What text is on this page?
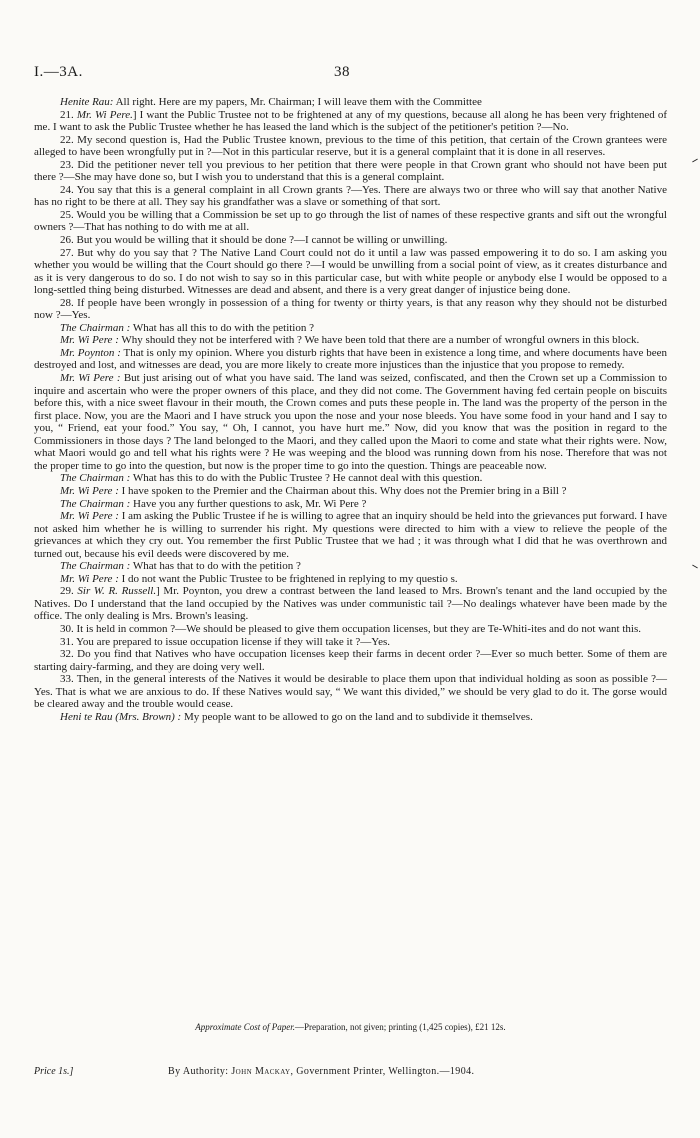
I.—3A.	38

Henite Rau: All right. Here are my papers, Mr. Chairman; I will leave them with the Committee

21. Mr. Wi Pere.] I want the Public Trustee not to be frightened at any of my questions, because all along he has been very frightened of me. I want to ask the Public Trustee whether he has leased the land which is the subject of the petitioner's petition ?—No.

22. My second question is, Had the Public Trustee known, previous to the time of this petition, that certain of the Crown grantees were alleged to have been wrongfully put in ?—Not in this particular reserve, but it is a general complaint that it is done in all reserves.

23. Did the petitioner never tell you previous to her petition that there were people in that Crown grant who should not have been put there ?—She may have done so, but I wish you to understand that this is a general complaint.

24. You say that this is a general complaint in all Crown grants ?—Yes. There are always two or three who will say that another Native has no right to be there at all. They say his grandfather was a slave or something of that sort.

25. Would you be willing that a Commission be set up to go through the list of names of these respective grants and sift out the wrongful owners ?—That has nothing to do with me at all.

26. But you would be willing that it should be done ?—I cannot be willing or unwilling.

27. But why do you say that ? The Native Land Court could not do it until a law was passed empowering it to do so. I am asking you whether you would be willing that the Court should go there ?—I would be unwilling from a social point of view, as it creates disturbance and as it is very dangerous to do so. I do not wish to say so in this particular case, but with white people or anybody else I would be opposed to a long-settled thing being disturbed. Witnesses are dead and absent, and there is a very great danger of injustice being done.

28. If people have been wrongly in possession of a thing for twenty or thirty years, is that any reason why they should not be disturbed now ?—Yes.

The Chairman : What has all this to do with the petition ?

Mr. Wi Pere : Why should they not be interfered with ? We have been told that there are a number of wrongful owners in this block.

Mr. Poynton : That is only my opinion. Where you disturb rights that have been in existence a long time, and where documents have been destroyed and lost, and witnesses are dead, you are more likely to create more injustices than the injustice that you propose to remedy.

Mr. Wi Pere : But just arising out of what you have said. The land was seized, confiscated, and then the Crown set up a Commission to inquire and ascertain who were the proper owners of this place, and they did not come. The Government having fed certain people on biscuits before this, with a nice sweet flavour in their mouth, the Crown comes and puts these people in. The land was the property of the person in the first place. Now, you are the Maori and I have struck you upon the nose and your nose bleeds. You have some food in your hand and I say to you, “ Friend, eat your food.” You say, “ Oh, I cannot, you have hurt me.” Now, did you know that was the position in regard to the Commissioners in those days ? The land belonged to the Maori, and they called upon the Maori to come and state what their rights were. Now, what Maori would go and tell what his rights were ? He was weeping and the blood was running down from his nose. Therefore that was not the proper time to go into the question, but now is the proper time to go into the question. Things are peaceable now.

The Chairman : What has this to do with the Public Trustee ? He cannot deal with this question.

Mr. Wi Pere : I have spoken to the Premier and the Chairman about this. Why does not the Premier bring in a Bill ?

The Chairman : Have you any further questions to ask, Mr. Wi Pere ?

Mr. Wi Pere : I am asking the Public Trustee if he is willing to agree that an inquiry should be held into the grievances put forward. I have not asked him whether he is willing to surrender his right. My questions were directed to him with a view to relieve the people of the grievances at which they cry out. You remember the first Public Trustee that we had ; it was through what I did that he was overthrown and turned out, because his evil deeds were discovered by me.

The Chairman : What has that to do with the petition ?

Mr. Wi Pere : I do not want the Public Trustee to be frightened in replying to my questio s.

29. Sir W. R. Russell.] Mr. Poynton, you drew a contrast between the land leased to Mrs. Brown's tenant and the land occupied by the Natives. Do I understand that the land occupied by the Natives was under communistic tail ?—No dealings whatever have been made by the office. The only dealing is Mrs. Brown's leasing.

30. It is held in common ?—We should be pleased to give them occupation licenses, but they are Te-Whiti-ites and do not want this.

31. You are prepared to issue occupation license if they will take it ?—Yes.

32. Do you find that Natives who have occupation licenses keep their farms in decent order ?—Ever so much better. Some of them are starting dairy-farming, and they are doing very well.

33. Then, in the general interests of the Natives it would be desirable to place them upon that individual holding as soon as possible ?—Yes. That is what we are anxious to do. If these Natives would say, “ We want this divided,” we should be very glad to do it. The gorse would be cleared away and the trouble would cease.

Heni te Rau (Mrs. Brown) : My people want to be allowed to go on the land and to subdivide it themselves.

Approximate Cost of Paper.—Preparation, not given; printing (1,425 copies), £21 12s.
Price 1s.]	By Authority: John Mackay, Government Printer, Wellington.—1904.
